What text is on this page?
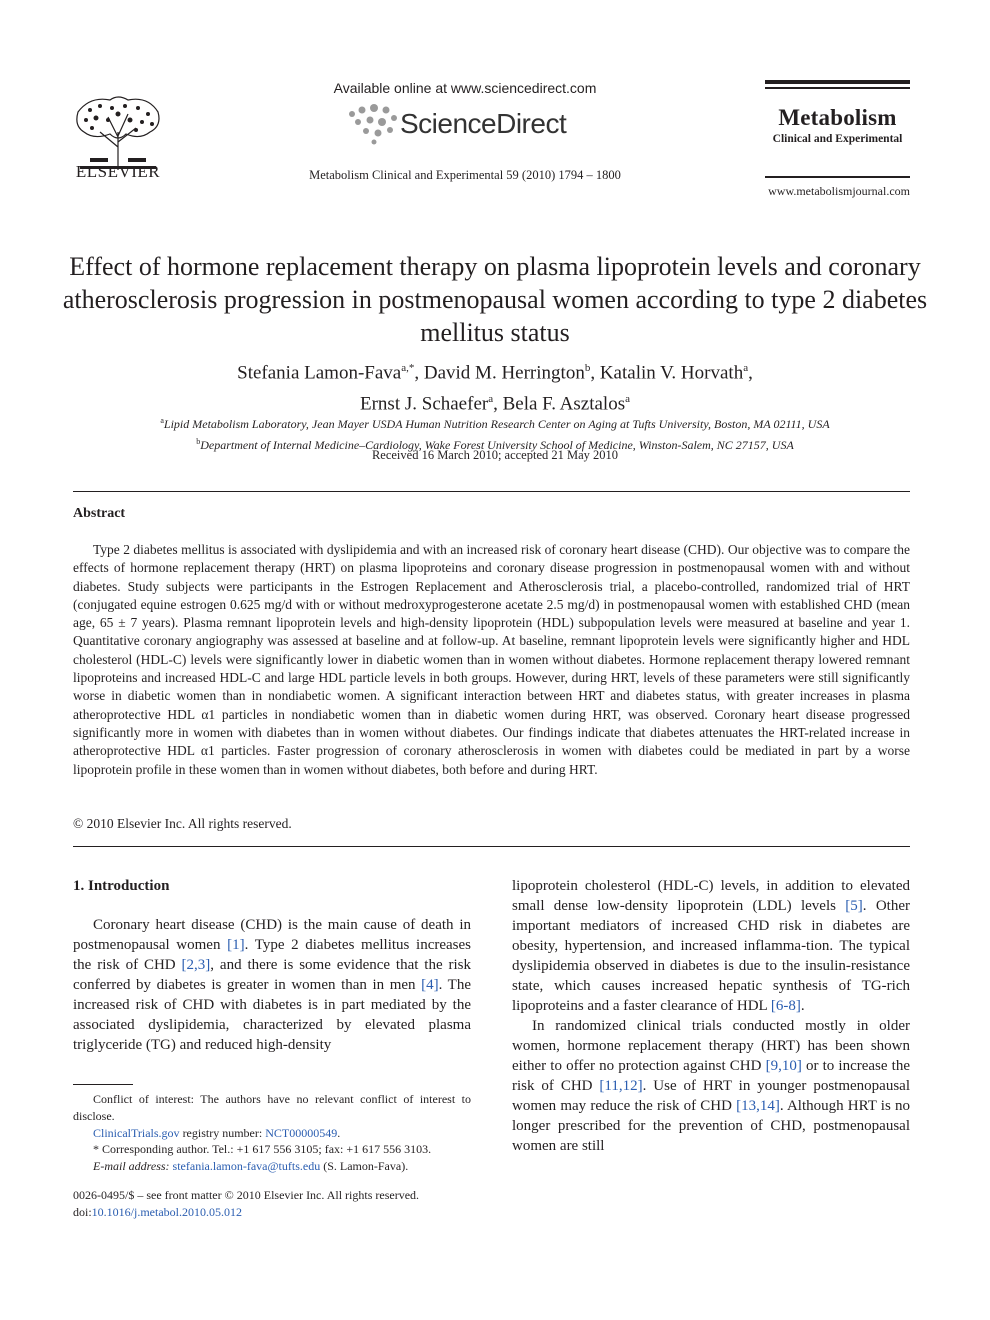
ELSEVIER
Available online at www.sciencedirect.com
ScienceDirect
Metabolism Clinical and Experimental 59 (2010) 1794 – 1800
Metabolism
Clinical and Experimental
www.metabolismjournal.com
Effect of hormone replacement therapy on plasma lipoprotein levels and coronary atherosclerosis progression in postmenopausal women according to type 2 diabetes mellitus status
Stefania Lamon-Fava$^{a,*}$, David M. Herrington$^b$, Katalin V. Horvath$^a$,
Ernst J. Schaefer$^a$, Bela F. Asztalos$^a$
$^a$Lipid Metabolism Laboratory, Jean Mayer USDA Human Nutrition Research Center on Aging at Tufts University, Boston, MA 02111, USA
$^b$Department of Internal Medicine–Cardiology, Wake Forest University School of Medicine, Winston-Salem, NC 27157, USA
Received 16 March 2010; accepted 21 May 2010
Abstract
Type 2 diabetes mellitus is associated with dyslipidemia and with an increased risk of coronary heart disease (CHD). Our objective was to compare the effects of hormone replacement therapy (HRT) on plasma lipoproteins and coronary disease progression in postmenopausal women with and without diabetes. Study subjects were participants in the Estrogen Replacement and Atherosclerosis trial, a placebo-controlled, randomized trial of HRT (conjugated equine estrogen 0.625 mg/d with or without medroxyprogesterone acetate 2.5 mg/d) in postmenopausal women with established CHD (mean age, 65 ± 7 years). Plasma remnant lipoprotein levels and high-density lipoprotein (HDL) subpopulation levels were measured at baseline and year 1. Quantitative coronary angiography was assessed at baseline and at follow-up. At baseline, remnant lipoprotein levels were significantly higher and HDL cholesterol (HDL-C) levels were significantly lower in diabetic women than in women without diabetes. Hormone replacement therapy lowered remnant lipoproteins and increased HDL-C and large HDL particle levels in both groups. However, during HRT, levels of these parameters were still significantly worse in diabetic women than in nondiabetic women. A significant interaction between HRT and diabetes status, with greater increases in plasma atheroprotective HDL α1 particles in nondiabetic women than in diabetic women during HRT, was observed. Coronary heart disease progressed significantly more in women with diabetes than in women without diabetes. Our findings indicate that diabetes attenuates the HRT-related increase in atheroprotective HDL α1 particles. Faster progression of coronary atherosclerosis in women with diabetes could be mediated in part by a worse lipoprotein profile in these women than in women without diabetes, both before and during HRT.
© 2010 Elsevier Inc. All rights reserved.

1. Introduction

Coronary heart disease (CHD) is the main cause of death in postmenopausal women [1]. Type 2 diabetes mellitus increases the risk of CHD [2,3], and there is some evidence that the risk conferred by diabetes is greater in women than in men [4]. The increased risk of CHD with diabetes is in part mediated by the associated dyslipidemia, characterized by elevated plasma triglyceride (TG) and reduced high-density

lipoprotein cholesterol (HDL-C) levels, in addition to elevated small dense low-density lipoprotein (LDL) levels [5]. Other important mediators of increased CHD risk in diabetes are obesity, hypertension, and increased inflamma-tion. The typical dyslipidemia observed in diabetes is due to the insulin-resistance state, which causes increased hepatic synthesis of TG-rich lipoproteins and a faster clearance of HDL [6-8].

In randomized clinical trials conducted mostly in older women, hormone replacement therapy (HRT) has been shown either to offer no protection against CHD [9,10] or to increase the risk of CHD [11,12]. Use of HRT in younger postmenopausal women may reduce the risk of CHD [13,14]. Although HRT is no longer prescribed for the prevention of CHD, postmenopausal women are still

Conflict of interest: The authors have no relevant conflict of interest to disclose.

ClinicalTrials.gov registry number: NCT00000549.

* Corresponding author. Tel.: +1 617 556 3105; fax: +1 617 556 3103.

E-mail address: stefania.lamon-fava@tufts.edu (S. Lamon-Fava).

0026-0495/$ – see front matter © 2010 Elsevier Inc. All rights reserved.
doi:10.1016/j.metabol.2010.05.012
